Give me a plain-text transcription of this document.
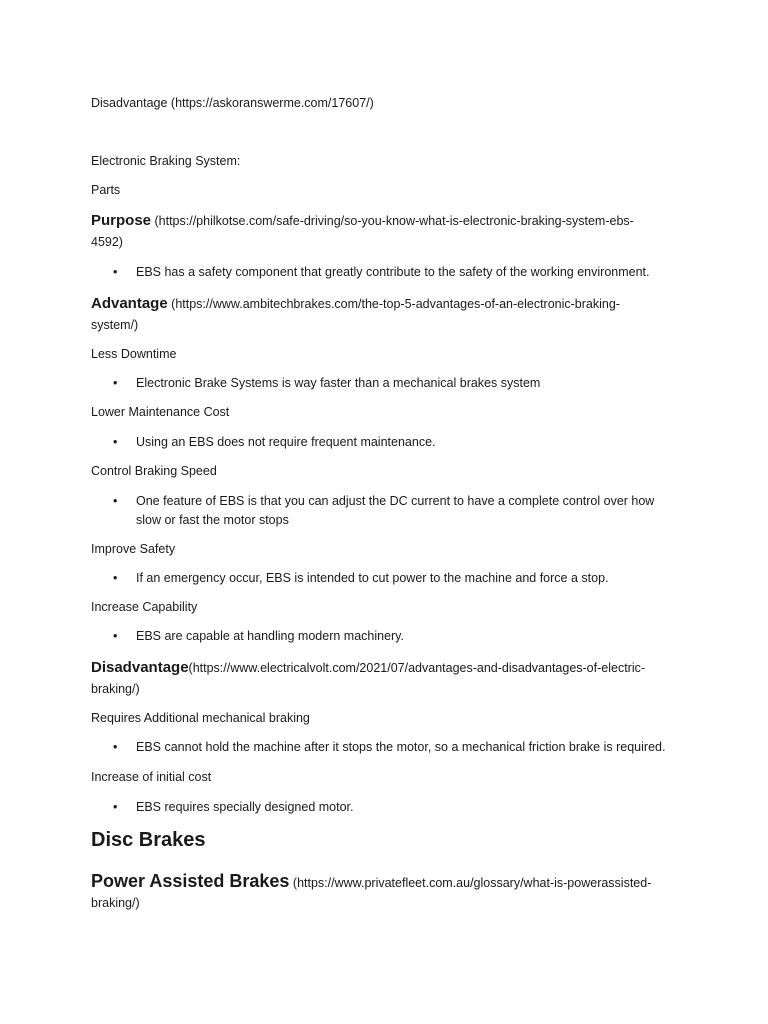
Disadvantage (https://askoranswerme.com/17607/)
Electronic Braking System:
Parts
Purpose (https://philkotse.com/safe-driving/so-you-know-what-is-electronic-braking-system-ebs-
4592)
•	EBS has a safety component that greatly contribute to the safety of the working environment.
Advantage (https://www.ambitechbrakes.com/the-top-5-advantages-of-an-electronic-braking-
system/)
Less Downtime
•	Electronic Brake Systems is way faster than a mechanical brakes system
Lower Maintenance Cost
•	Using an EBS does not require frequent maintenance.
Control Braking Speed
•	One feature of EBS is that you can adjust the DC current to have a complete control over how slow or fast the motor stops
Improve Safety
•	If an emergency occur, EBS is intended to cut power to the machine and force a stop.
Increase Capability
•	EBS are capable at handling modern machinery.
Disadvantage(https://www.electricalvolt.com/2021/07/advantages-and-disadvantages-of-electric-
braking/)
Requires Additional mechanical braking
•	EBS cannot hold the machine after it stops the motor, so a mechanical friction brake is required.
Increase of initial cost
•	EBS requires specially designed motor.
Disc Brakes
Power Assisted Brakes (https://www.privatefleet.com.au/glossary/what-is-powerassisted-
braking/)
